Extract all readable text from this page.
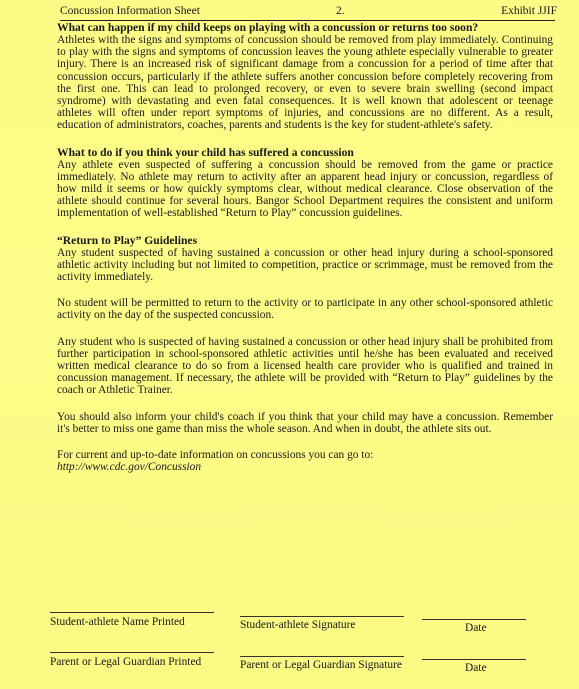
Concussion Information Sheet	2.	Exhibit JJIF

What can happen if my child keeps on playing with a concussion or returns too soon?

Athletes with the signs and symptoms of concussion should be removed from play immediately. Continuing to play with the signs and symptoms of concussion leaves the young athlete especially vulnerable to greater injury. There is an increased risk of significant damage from a concussion for a period of time after that concussion occurs, particularly if the athlete suffers another concussion before completely recovering from the first one. This can lead to prolonged recovery, or even to severe brain swelling (second impact syndrome) with devastating and even fatal consequences. It is well known that adolescent or teenage athletes will often under report symptoms of injuries, and concussions are no different. As a result, education of administrators, coaches, parents and students is the key for student-athlete's safety.

What to do if you think your child has suffered a concussion

Any athlete even suspected of suffering a concussion should be removed from the game or practice immediately. No athlete may return to activity after an apparent head injury or concussion, regardless of how mild it seems or how quickly symptoms clear, without medical clearance. Close observation of the athlete should continue for several hours. Bangor School Department requires the consistent and uniform implementation of well-established “Return to Play” concussion guidelines.

“Return to Play” Guidelines

Any student suspected of having sustained a concussion or other head injury during a school-sponsored athletic activity including but not limited to competition, practice or scrimmage, must be removed from the activity immediately.

No student will be permitted to return to the activity or to participate in any other school-sponsored athletic activity on the day of the suspected concussion.

Any student who is suspected of having sustained a concussion or other head injury shall be prohibited from further participation in school-sponsored athletic activities until he/she has been evaluated and received written medical clearance to do so from a licensed health care provider who is qualified and trained in concussion management. If necessary, the athlete will be provided with “Return to Play” guidelines by the coach or Athletic Trainer.

You should also inform your child's coach if you think that your child may have a concussion. Remember it's better to miss one game than miss the whole season. And when in doubt, the athlete sits out.

For current and up-to-date information on concussions you can go to:

http://www.cdc.gov/Concussion

Student-athlete Name Printed	Student-athlete Signature	Date
Parent or Legal Guardian Printed	Parent or Legal Guardian Signature	Date
